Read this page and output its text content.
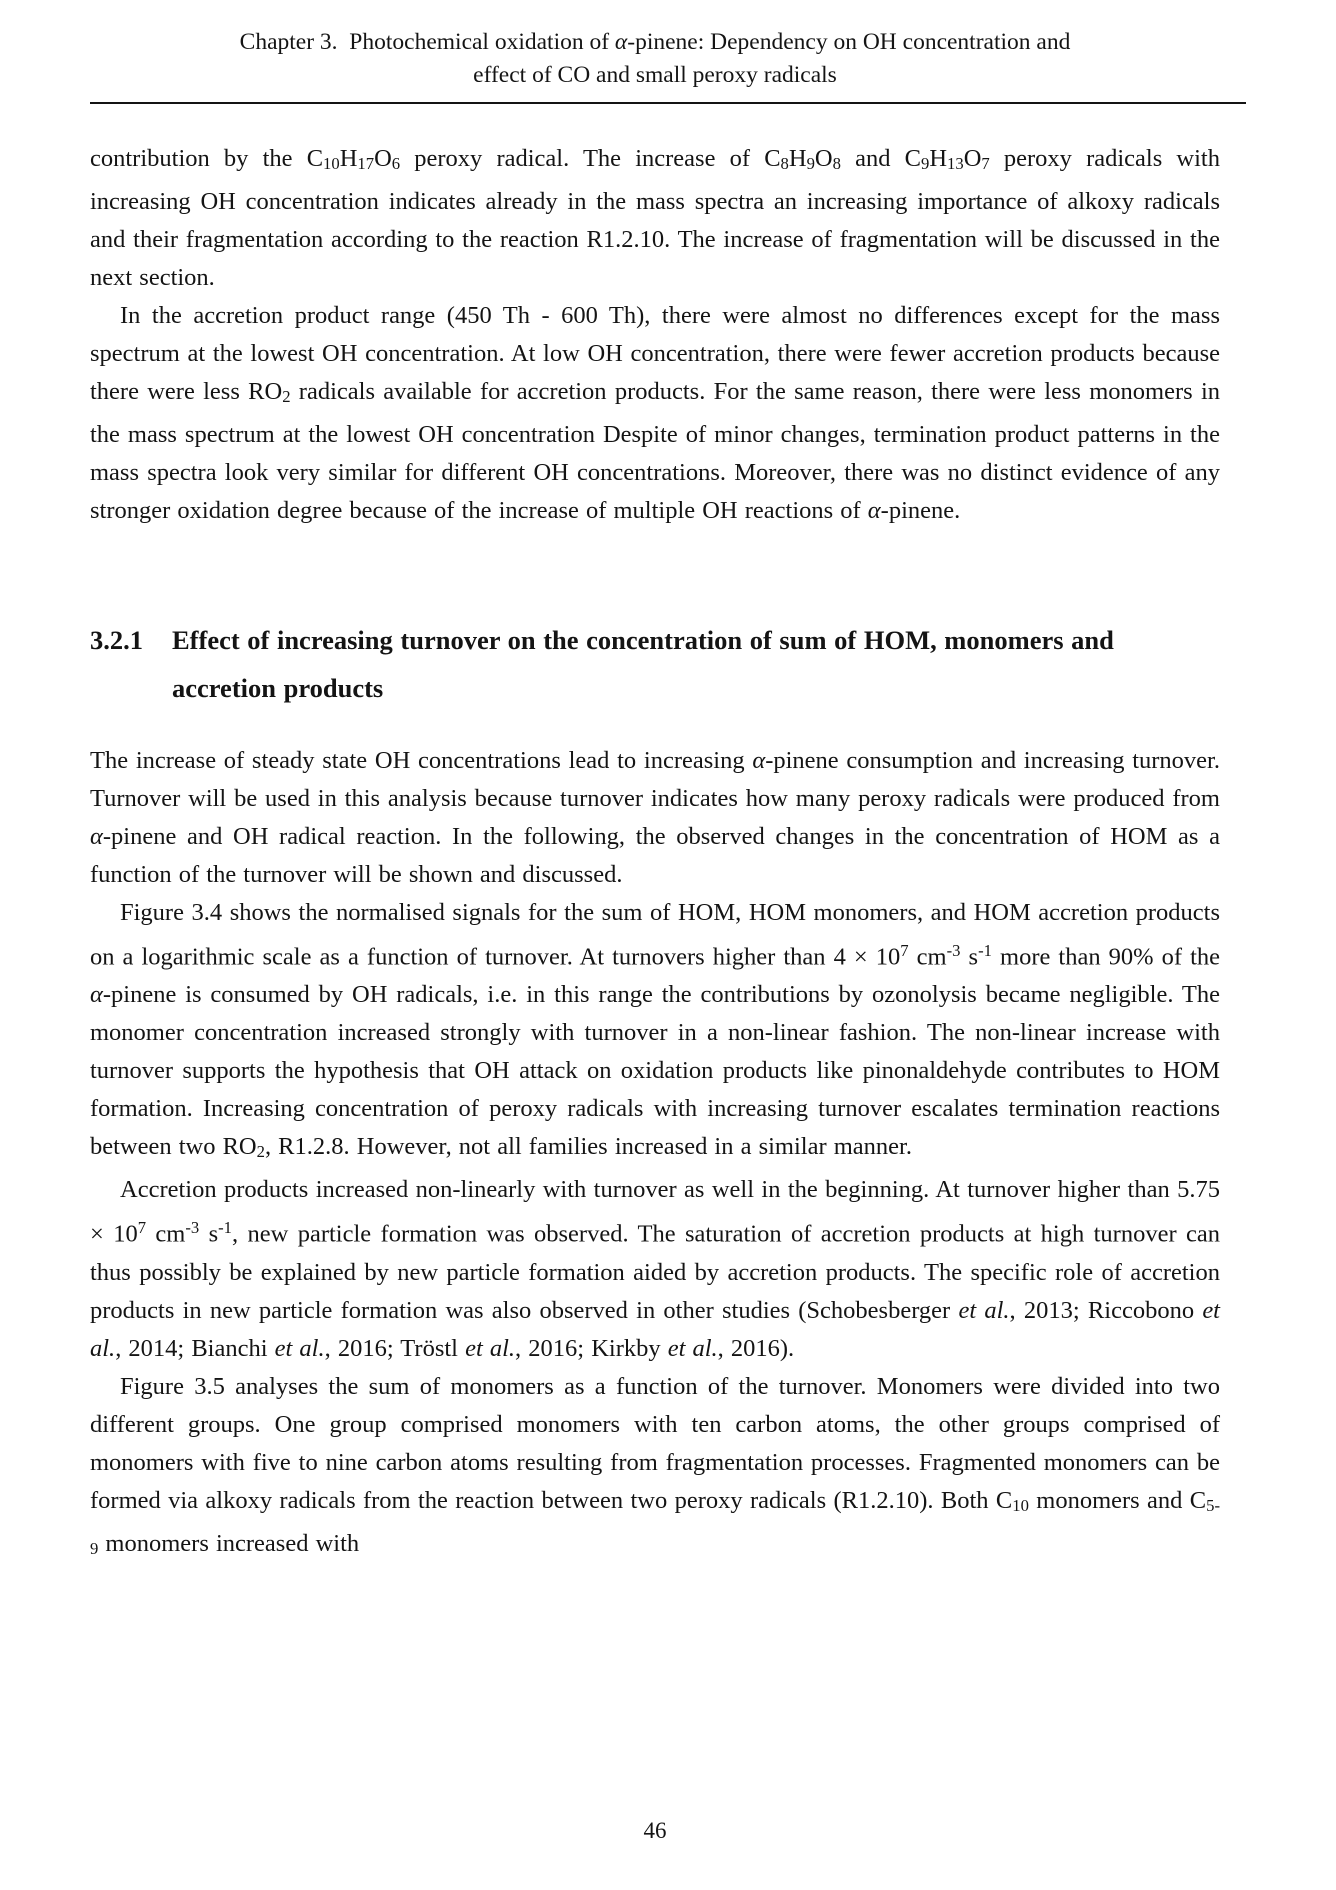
Chapter 3. Photochemical oxidation of α-pinene: Dependency on OH concentration and
effect of CO and small peroxy radicals

contribution by the C10H17O6 peroxy radical. The increase of C8H9O8 and C9H13O7 peroxy radicals with increasing OH concentration indicates already in the mass spectra an increasing importance of alkoxy radicals and their fragmentation according to the reaction R1.2.10. The increase of fragmentation will be discussed in the next section.

In the accretion product range (450 Th - 600 Th), there were almost no differences except for the mass spectrum at the lowest OH concentration. At low OH concentration, there were fewer accretion products because there were less RO2 radicals available for accretion products. For the same reason, there were less monomers in the mass spectrum at the lowest OH concentration Despite of minor changes, termination product patterns in the mass spectra look very similar for different OH concentrations. Moreover, there was no distinct evidence of any stronger oxidation degree because of the increase of multiple OH reactions of α-pinene.

3.2.1	Effect of increasing turnover on the concentration of sum of HOM, monomers and accretion products

The increase of steady state OH concentrations lead to increasing α-pinene consumption and increasing turnover. Turnover will be used in this analysis because turnover indicates how many peroxy radicals were produced from α-pinene and OH radical reaction. In the following, the observed changes in the concentration of HOM as a function of the turnover will be shown and discussed.

Figure 3.4 shows the normalised signals for the sum of HOM, HOM monomers, and HOM accretion products on a logarithmic scale as a function of turnover. At turnovers higher than $4 \times 10^7$ $cm^{-3}$ $s^{-1}$ more than 90% of the α-pinene is consumed by OH radicals, i.e. in this range the contributions by ozonolysis became negligible. The monomer concentration increased strongly with turnover in a non-linear fashion. The non-linear increase with turnover supports the hypothesis that OH attack on oxidation products like pinonaldehyde contributes to HOM formation. Increasing concentration of peroxy radicals with increasing turnover escalates termination reactions between two RO2, R1.2.8. However, not all families increased in a similar manner.

Accretion products increased non-linearly with turnover as well in the beginning. At turnover higher than $5.75 \times 10^7$ $cm^{-3}$ $s^{-1}$, new particle formation was observed. The saturation of accretion products at high turnover can thus possibly be explained by new particle formation aided by accretion products. The specific role of accretion products in new particle formation was also observed in other studies (Schobesberger et al., 2013; Riccobono et al., 2014; Bianchi et al., 2016; Tröstl et al., 2016; Kirkby et al., 2016).

Figure 3.5 analyses the sum of monomers as a function of the turnover. Monomers were divided into two different groups. One group comprised monomers with ten carbon atoms, the other groups comprised of monomers with five to nine carbon atoms resulting from fragmentation processes. Fragmented monomers can be formed via alkoxy radicals from the reaction between two peroxy radicals (R1.2.10). Both C10 monomers and C5-9 monomers increased with

46
